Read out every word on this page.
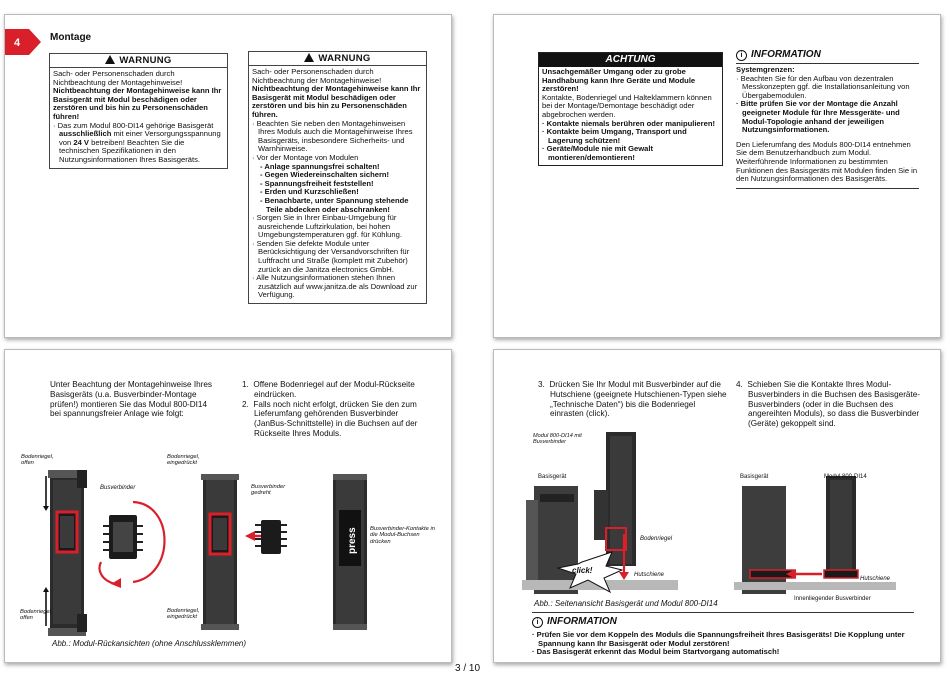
4	Montage
WARNUNG
Sach- oder Personenschaden durch Nichtbeachtung der Montagehinweise!
Nichtbeachtung der Montagehinweise kann Ihr Basisgerät mit Modul beschädigen oder zerstören und bis hin zu Personenschäden führen!
· Das zum Modul 800-DI14 gehörige Basisgerät ausschließlich mit einer Versorgungsspannung von 24 V betreiben! Beachten Sie die technischen Spezifikationen in den Nutzungsinformationen Ihres Basisgeräts.
WARNUNG
Sach- oder Personenschaden durch Nichtbeachtung der Montagehinweise!
Nichtbeachtung der Montagehinweise kann Ihr Basisgerät mit Modul beschädigen oder zerstören und bis hin zu Personenschäden führen.
· Beachten Sie neben den Montagehinweisen Ihres Moduls auch die Montagehinweise Ihres Basisgeräts, insbesondere Sicherheits- und Warnhinweise.
· Vor der Montage von Modulen
- Anlage spannungsfrei schalten!
- Gegen Wiedereinschalten sichern!
- Spannungsfreiheit feststellen!
- Erden und Kurzschließen!
- Benachbarte, unter Spannung stehende Teile abdecken oder abschranken!
· Sorgen Sie in Ihrer Einbau-Umgebung für ausreichende Luftzirkulation, bei hohen Umgebungstemperaturen ggf. für Kühlung.
· Senden Sie defekte Module unter Berücksichtigung der Versandvorschriften für Luftfracht und Straße (komplett mit Zubehör) zurück an die Janitza electronics GmbH.
· Alle Nutzungsinformationen stehen Ihnen zusätzlich auf www.janitza.de als Download zur Verfügung.
ACHTUNG
Unsachgemäßer Umgang oder zu grobe Handhabung kann Ihre Geräte und Module zerstören!
Kontakte, Bodenriegel und Halteklammern können bei der Montage/Demontage beschädigt oder abgebrochen werden.
· Kontakte niemals berühren oder manipulieren!
· Kontakte beim Umgang, Transport und Lagerung schützen!
· Geräte/Module nie mit Gewalt montieren/demontieren!
i INFORMATION
Systemgrenzen:
· Beachten Sie für den Aufbau von dezentralen Messkonzepten ggf. die Installationsanleitung von Übergabemodulen.
· Bitte prüfen Sie vor der Montage die Anzahl geeigneter Module für Ihre Messgeräte- und Modul-Topologie anhand der jeweiligen Nutzungsinformationen.
Den Lieferumfang des Moduls 800-DI14 entnehmen Sie dem Benutzerhandbuch zum Modul. Weiterführende Informationen zu bestimmten Funktionen des Basisgeräts mit Modulen finden Sie in den Nutzungsinformationen des Basisgeräts.
Unter Beachtung der Montagehinweise Ihres Basisgeräts (u.a. Busverbinder-Montage prüfen!) montieren Sie das Modul 800-DI14 bei spannungsfreier Anlage wie folgt:
1.  Offene Bodenriegel auf der Modul-Rückseite eindrücken.
2.  Falls noch nicht erfolgt, drücken Sie den zum Lieferumfang gehörenden Busverbinder (JanBus-Schnittstelle) in die Buchsen auf der Rückseite Ihres Moduls.
press
Bodenriegel, offen
Bodenriegel, offen
Busverbinder
Bodenriegel, eingedrückt
Bodenriegel, eingedrückt
Busverbinder gedreht
Busverbinder-Kontakte in die Modul-Buchsen drücken
Abb.: Modul-Rückansichten (ohne Anschlussklemmen)
3.  Drücken Sie Ihr Modul mit Busverbinder auf die Hutschiene (geeignete Hutschienen-Typen siehe „Technische Daten“) bis die Bodenriegel einrasten (click).
4.  Schieben Sie die Kontakte Ihres Modul-Busverbinders in die Buchsen des Basisgeräte-Busverbinders (oder in die Buchsen des angereihten Moduls), so dass die Busverbinder (Geräte) gekoppelt sind.
Modul 800-DI14 mit Busverbinder
Basisgerät
Bodenriegel
click!	Hutschiene
Basisgerät	Modul 800-DI14
Hutschiene
Innenliegender Busverbinder
Abb.: Seitenansicht Basisgerät und Modul 800-DI14
i INFORMATION
· Prüfen Sie vor dem Koppeln des Moduls die Spannungsfreiheit Ihres Basisgeräts! Die Kopplung unter Spannung kann Ihr Basisgerät oder Modul zerstören!
· Das Basisgerät erkennt das Modul beim Startvorgang automatisch!
3 / 10
